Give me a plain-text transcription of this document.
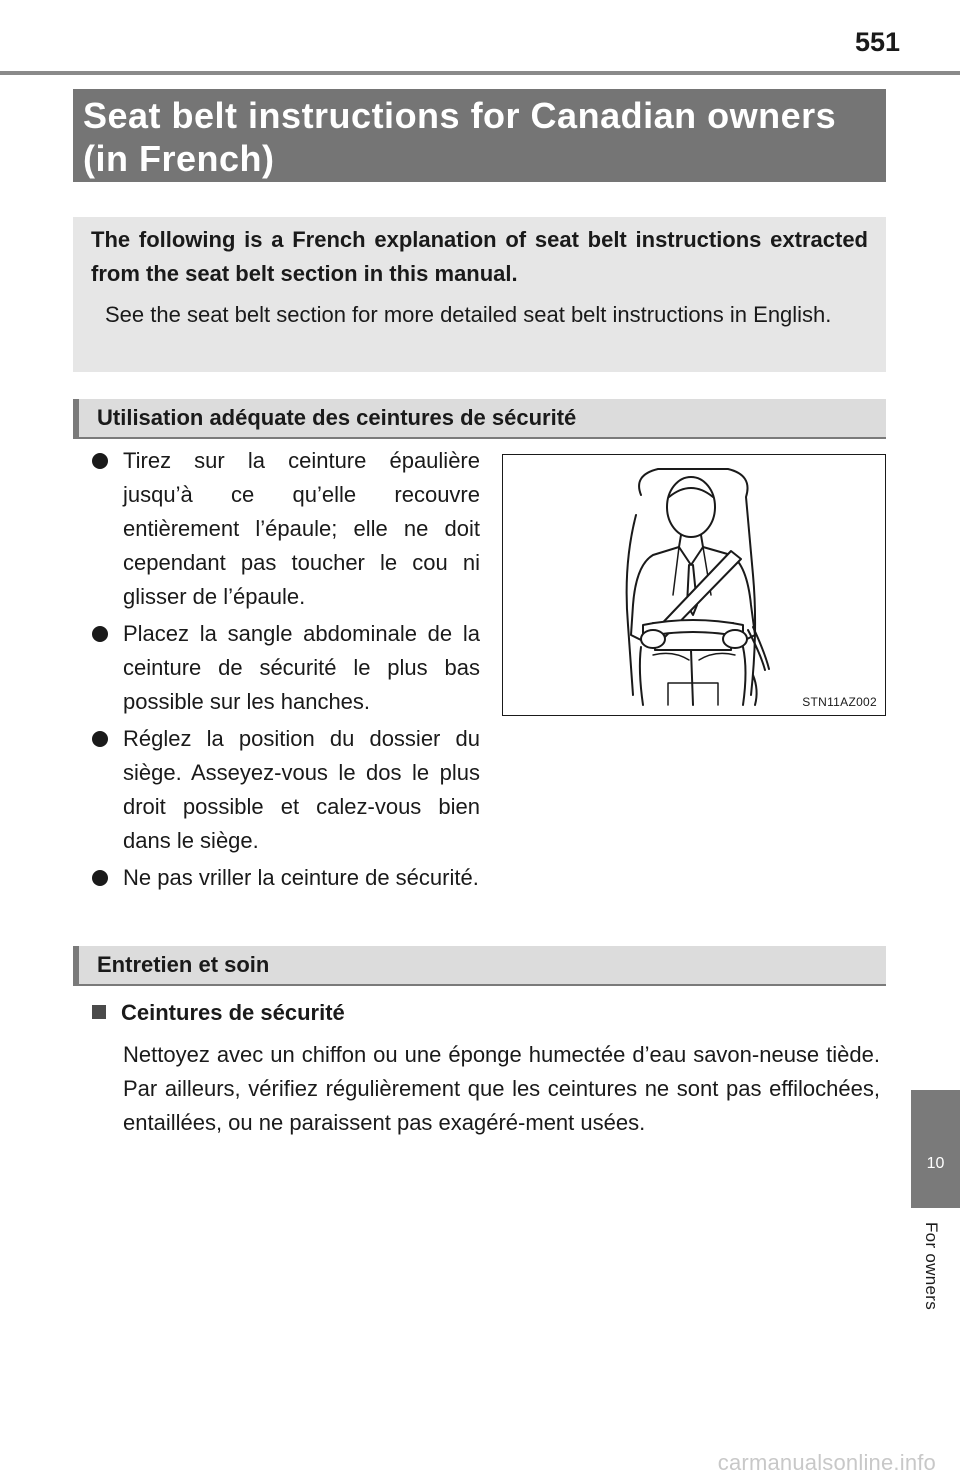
551
Seat belt instructions for Canadian owners
(in French)
The following is a French explanation of seat belt instructions extracted from the seat belt section in this manual.
See the seat belt section for more detailed seat belt instructions in English.
Utilisation adéquate des ceintures de sécurité
Tirez sur la ceinture épaulière jusqu’à ce qu’elle recouvre entièrement l’épaule; elle ne doit cependant pas toucher le cou ni glisser de l’épaule.
Placez la sangle abdominale de la ceinture de sécurité le plus bas possible sur les hanches.
Réglez la position du dossier du siège. Asseyez-vous le dos le plus droit possible et calez-vous bien dans le siège.
Ne pas vriller la ceinture de sécurité.
STN11AZ002
Entretien et soin
Ceintures de sécurité
Nettoyez avec un chiffon ou une éponge humectée d’eau savon-neuse tiède. Par ailleurs, vérifiez régulièrement que les ceintures ne sont pas effilochées, entaillées, ou ne paraissent pas exagéré-ment usées.
10
For owners
carmanualsonline.info
